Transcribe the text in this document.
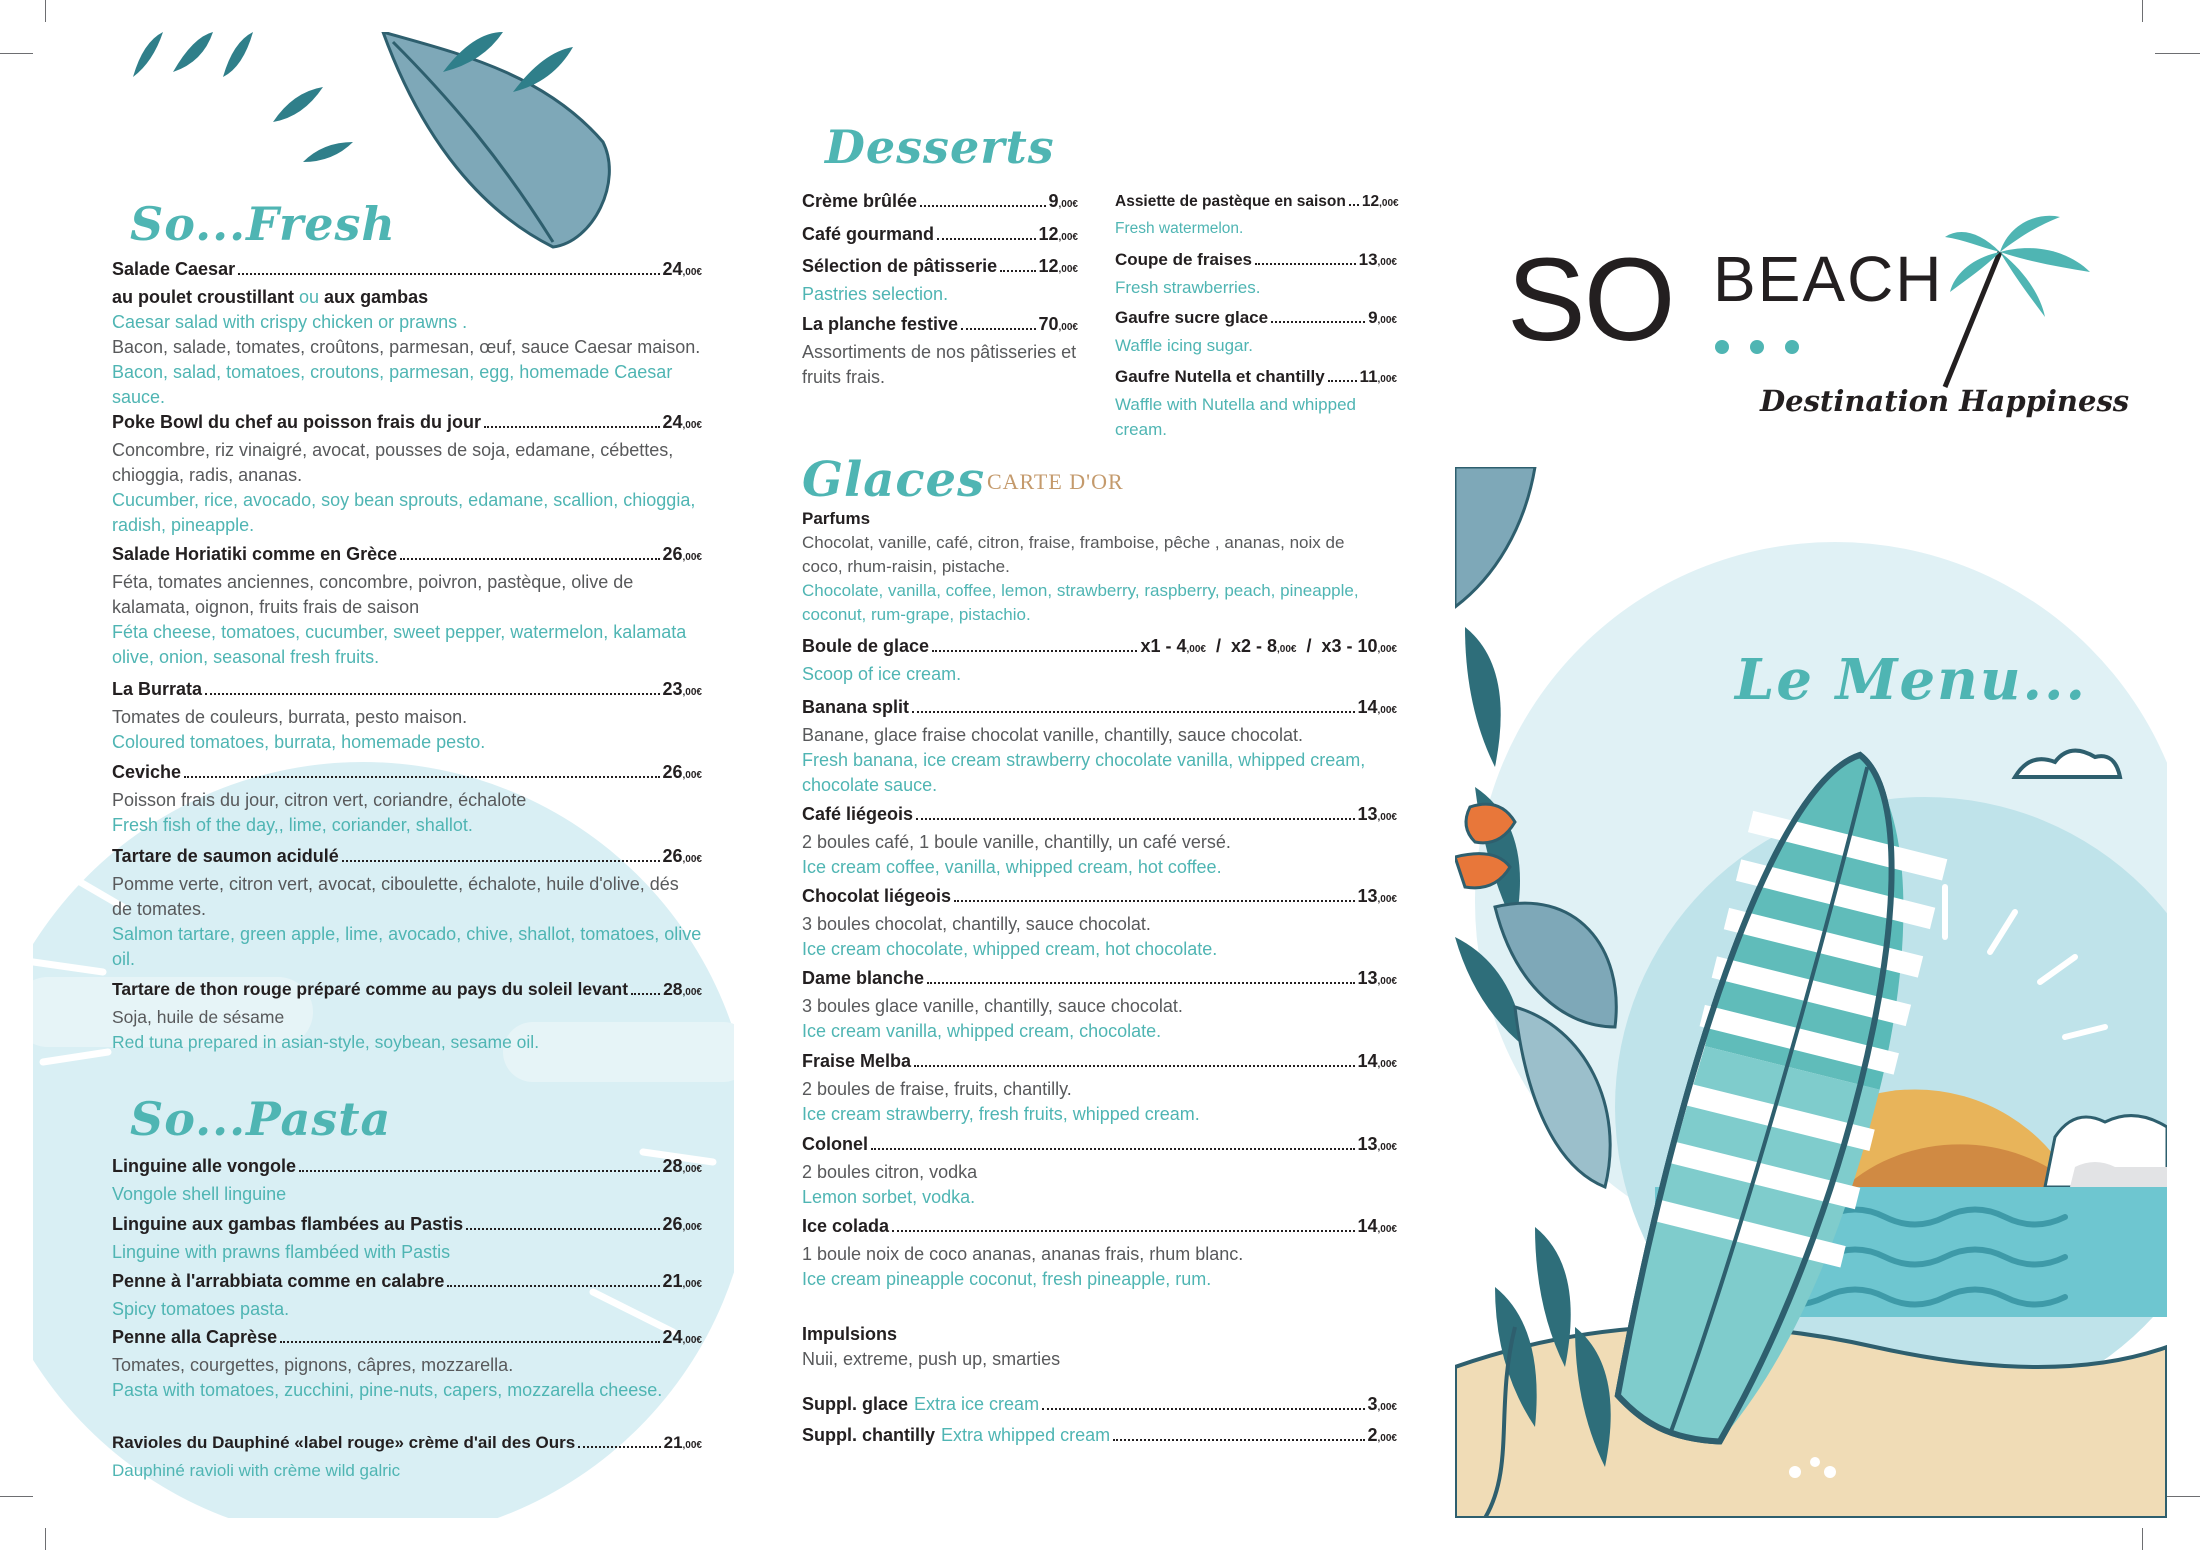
So...Fresh
Salade Caesar	24 ,00€
au poulet croustillant ou aux gambas
Caesar salad with crispy chicken or prawns .
Bacon, salade, tomates, croûtons, parmesan, œuf, sauce Caesar maison.
Bacon, salad, tomatoes, croutons, parmesan, egg, homemade Caesar sauce.
Poke Bowl du chef au poisson frais du jour	24 ,00€
Concombre, riz vinaigré, avocat, pousses de soja, edamane, cébettes, chioggia, radis, ananas.
Cucumber, rice, avocado, soy bean sprouts, edamane, scallion, chioggia, radish, pineapple.
Salade Horiatiki comme en Grèce	26 ,00€
Féta, tomates anciennes, concombre, poivron, pastèque, olive de kalamata, oignon, fruits frais de saison
Féta cheese, tomatoes, cucumber, sweet pepper, watermelon, kalamata olive, onion, seasonal fresh fruits.
La Burrata	23 ,00€
Tomates de couleurs, burrata, pesto maison.
Coloured tomatoes, burrata, homemade pesto.
Ceviche	26 ,00€
Poisson frais du jour, citron vert, coriandre, échalote
Fresh fish of the day,, lime, coriander, shallot.
Tartare de saumon acidulé	26 ,00€
Pomme verte, citron vert, avocat, ciboulette, échalote, huile d'olive, dés de tomates.
Salmon tartare, green apple, lime, avocado, chive, shallot, tomatoes, olive oil.
Tartare de thon rouge préparé comme au pays du soleil levant 28 ,00€
Soja, huile de sésame
Red tuna prepared in asian-style, soybean, sesame oil.
So...Pasta
Linguine alle vongole	28 ,00€
Vongole shell linguine
Linguine aux gambas flambées au Pastis	26 ,00€
Linguine with prawns flambéed with Pastis
Penne à l'arrabbiata comme en calabre	21 ,00€
Spicy tomatoes pasta.
Penne alla Caprèse	24 ,00€
Tomates, courgettes, pignons, câpres, mozzarella.
Pasta with tomatoes, zucchini, pine-nuts, capers, mozzarella cheese.
Ravioles du Dauphiné «label rouge» crème d'ail des Ours	21 ,00€
Dauphiné ravioli with crème wild galric
Desserts
Crème brûlée	9 ,00€
Café gourmand	12 ,00€
Sélection de pâtisserie 12 ,00€
Pastries selection.
La planche festive	70 ,00€
Assortiments de nos pâtisseries et fruits frais.
Assiette de pastèque en saison 12 ,00€
Fresh watermelon.
Coupe de fraises	13 ,00€
Fresh strawberries.
Gaufre sucre glace	9 ,00€
Waffle icing sugar.
Gaufre Nutella et chantilly 11 ,00€
Waffle with Nutella and whipped cream.
Glaces CARTE D'OR
Parfums
Chocolat, vanille, café, citron, fraise, framboise, pêche , ananas, noix de coco, rhum-raisin, pistache.
Chocolate, vanilla, coffee, lemon, strawberry, raspberry, peach, pineapple, coconut, rum-grape, pistachio.
Boule de glace	x1 - 4 ,00€ / x2 - 8 ,00€ / x3 - 10 ,00€
Scoop of ice cream.
Banana split	14 ,00€
Banane, glace fraise chocolat vanille, chantilly, sauce chocolat.
Fresh banana, ice cream strawberry chocolate vanilla, whipped cream, chocolate sauce.
Café liégeois	13 ,00€
2 boules café, 1 boule vanille, chantilly, un café versé.
Ice cream coffee, vanilla, whipped cream, hot coffee.
Chocolat liégeois	13 ,00€
3 boules chocolat, chantilly, sauce chocolat.
Ice cream chocolate, whipped cream, hot chocolate.
Dame blanche	13 ,00€
3 boules glace vanille, chantilly, sauce chocolat.
Ice cream vanilla, whipped cream, chocolate.
Fraise Melba	14 ,00€
2 boules de fraise, fruits, chantilly.
Ice cream strawberry, fresh fruits, whipped cream.
Colonel	13 ,00€
2 boules citron, vodka
Lemon sorbet, vodka.
Ice colada	14 ,00€
1 boule noix de coco ananas, ananas frais, rhum blanc.
Ice cream pineapple coconut, fresh pineapple, rum.
Impulsions
Nuii, extreme, push up, smarties
Suppl. glace Extra ice cream	3 ,00€
Suppl. chantilly Extra whipped cream	2 ,00€
SO BEACH
Destination Happiness
Le Menu...
